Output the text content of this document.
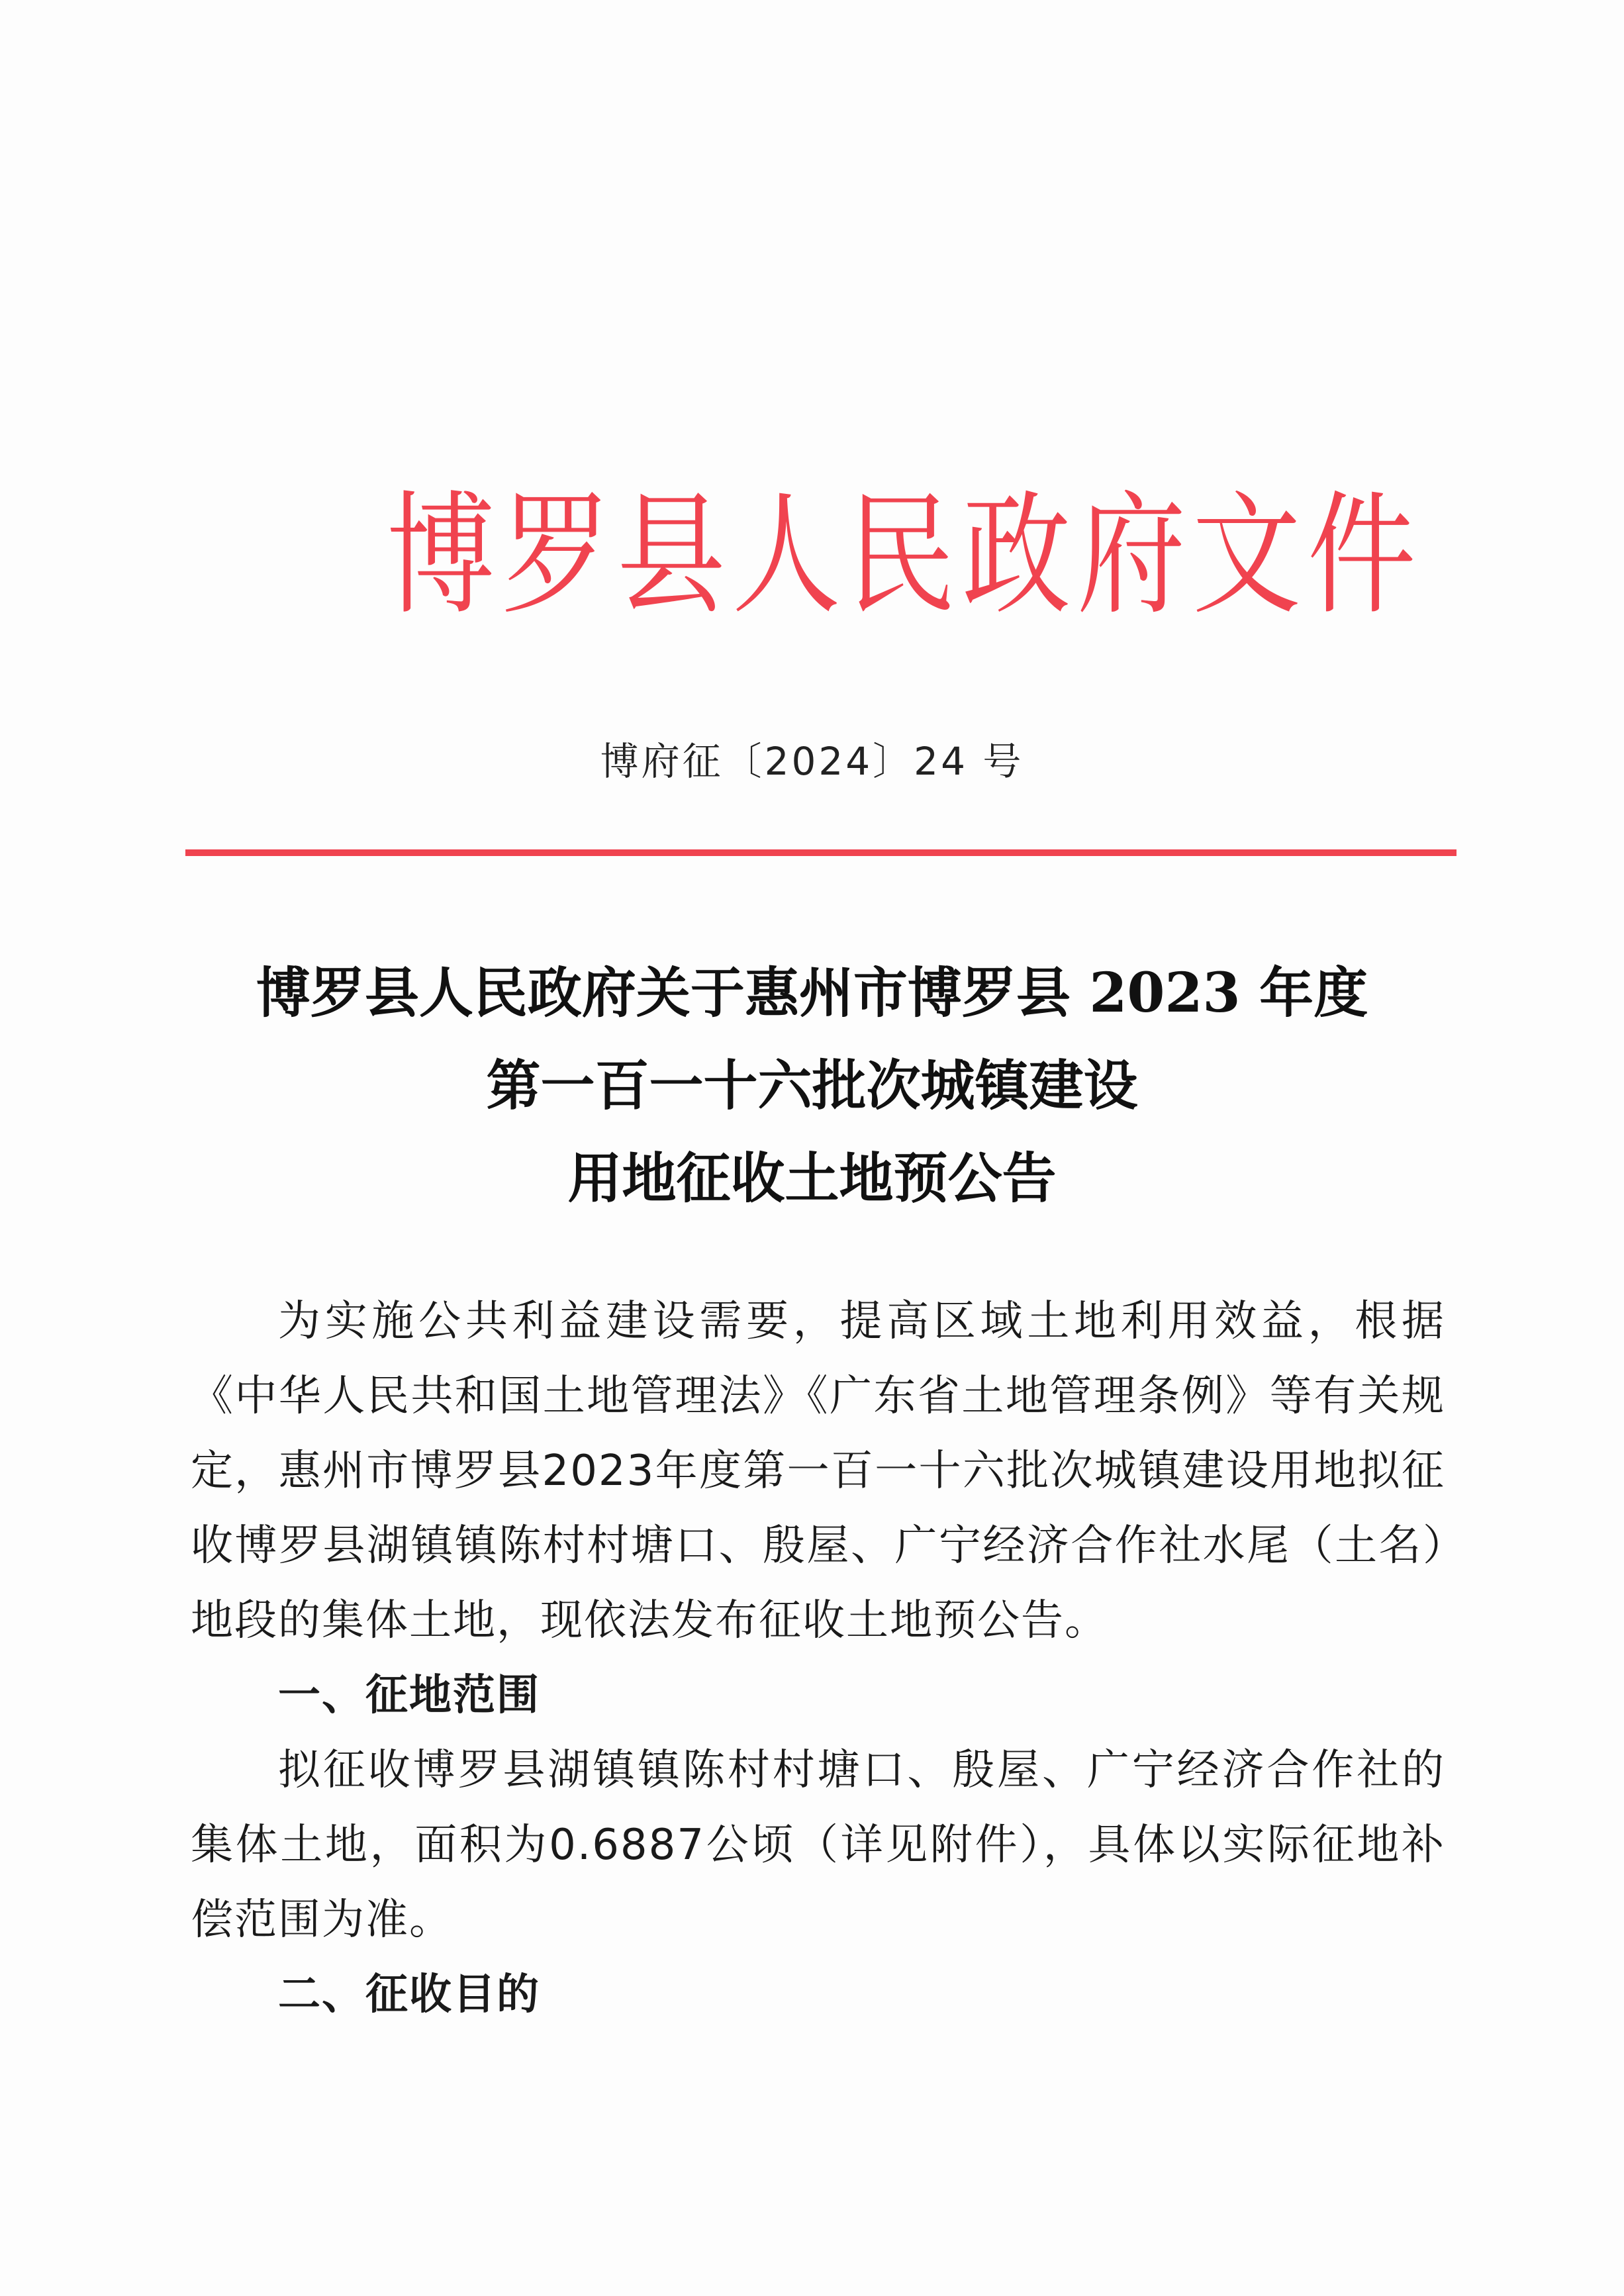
博罗县人民政府文件
博府征〔2024〕24 号
博罗县人民政府关于惠州市博罗县 2023 年度
第一百一十六批次城镇建设
用地征收土地预公告

为实施公共利益建设需要，提高区域土地利用效益，根据《中华人民共和国土地管理法》《广东省土地管理条例》等有关规定，惠州市博罗县2023年度第一百一十六批次城镇建设用地拟征收博罗县湖镇镇陈村村塘口、殷屋、广宁经济合作社水尾（土名）地段的集体土地，现依法发布征收土地预公告。

一、征地范围

拟征收博罗县湖镇镇陈村村塘口、殷屋、广宁经济合作社的集体土地，面积为0.6887公顷（详见附件），具体以实际征地补偿范围为准。

二、征收目的
